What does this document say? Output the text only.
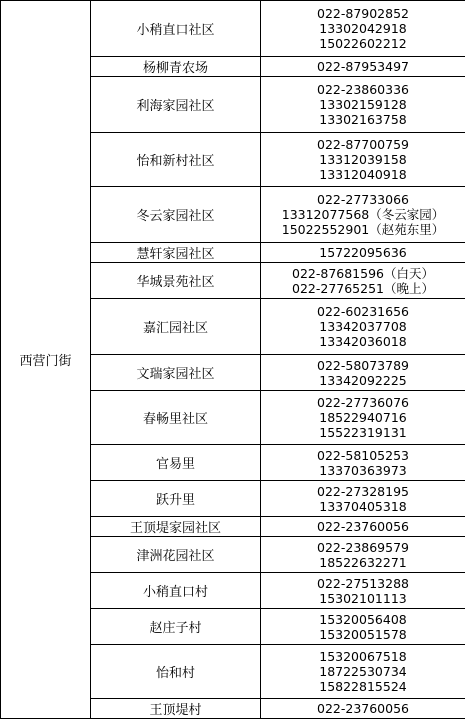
西营门街	小稍直口社区	022-87902852
13302042918
15022602212

	杨柳青农场	022-87953497

	利海家园社区	022-23860336
13302159128
13302163758

	怡和新村社区	022-87700759
13312039158
13312040918

	冬云家园社区	022-27733066
13312077568（冬云家园）
15022552901（赵苑东里）

	慧轩家园社区	15722095636

	华城景苑社区	022-87681596（白天）
022-27765251（晚上）

	嘉汇园社区	022-60231656
13342037708
13342036018

	文瑞家园社区	022-58073789
13342092225

	春畅里社区	022-27736076
18522940716
15522319131

	官易里	022-58105253
13370363973

	跃升里	022-27328195
13370405318

	王顶堤家园社区	022-23760056

	津洲花园社区	022-23869579
18522632271

	小稍直口村	022-27513288
15302101113

	赵庄子村	15320056408
15320051578

	怡和村	15320067518
18722530734
15822815524

	王顶堤村	022-23760056
